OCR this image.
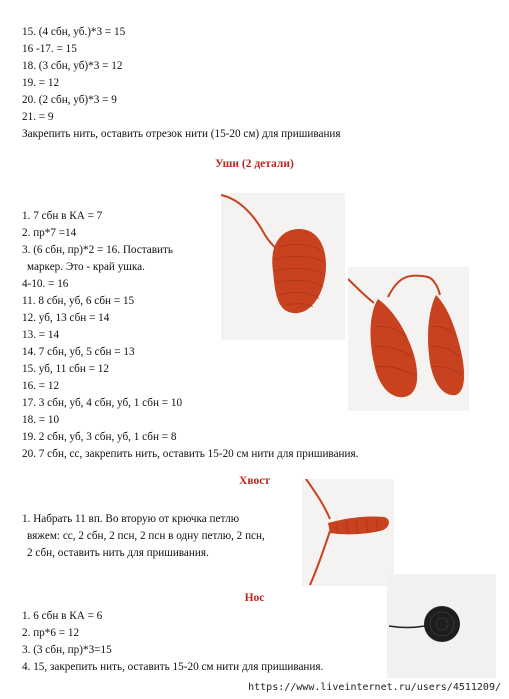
15. (4 сбн, уб.)*3 = 15
16 -17. = 15
18. (3 сбн, уб)*3 = 12
19. = 12
20. (2 сбн, уб)*3 = 9
21. = 9
Закрепить нить, оставить отрезок нити (15-20 см) для пришивания
Уши (2 детали)
1. 7 сбн в КА = 7
2. пр*7 =14
3. (6 сбн, пр)*2 = 16. Поставить
маркер. Это - край ушка.
4-10. = 16
11. 8 сбн, уб, 6 сбн = 15
12. уб, 13 сбн = 14
13. = 14
14. 7 сбн, уб, 5 сбн = 13
15. уб, 11 сбн = 12
16. = 12
17. 3 сбн, уб, 4 сбн, уб, 1 сбн = 10
18. = 10
19. 2 сбн, уб, 3 сбн, уб, 1 сбн = 8
20. 7 сбн, сс, закрепить нить, оставить 15-20 см нити для пришивания.
Хвост
1. Набрать 11 вп. Во вторую от крючка петлю
вяжем: сс, 2 сбн, 2 псн, 2 псн в одну петлю, 2 псн,
2 сбн, оставить нить для пришивания.
Нос
1. 6 сбн в КА = 6
2. пр*6 = 12
3. (3 сбн, пр)*3=15
4. 15, закрепить нить, оставить 15-20 см нити для пришивания.
https://www.liveinternet.ru/users/4511209/
